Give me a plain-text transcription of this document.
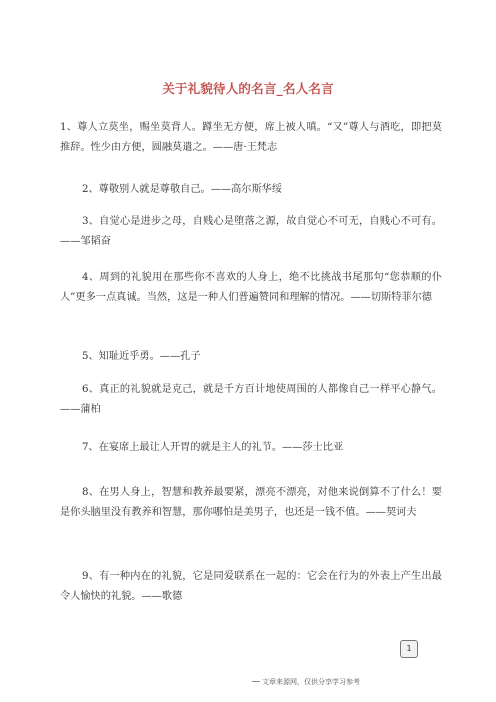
关于礼貌待人的名言_名人名言

1、尊人立莫坐，赐坐莫背人。蹲坐无方便，席上被人嗔。“又”尊人与酒吃，即把莫推辞。性少由方便，圆融莫遣之。——唐·王梵志

2、尊敬别人就是尊敬自己。——高尔斯华绥

3、自觉心是进步之母，自贱心是堕落之源，故自觉心不可无，自贱心不可有。——邹韬奋

4、周到的礼貌用在那些你不喜欢的人身上，绝不比挑战书尾那句“您恭顺的仆人”更多一点真诚。当然，这是一种人们普遍赞同和理解的情况。——切斯特菲尔德

5、知耻近乎勇。——孔子

6、真正的礼貌就是克己，就是千方百计地使周围的人都像自己一样平心静气。——蒲柏

7、在宴席上最让人开胃的就是主人的礼节。——莎士比亚

8、在男人身上，智慧和教养最要紧，漂亮不漂亮，对他来说倒算不了什么！要是你头脑里没有教养和智慧，那你哪怕是美男子，也还是一钱不值。——契诃夫

9、有一种内在的礼貌，它是同爱联系在一起的：它会在行为的外表上产生出最令人愉快的礼貌。——歌德

1
文章来源网，仅供分享学习参考
